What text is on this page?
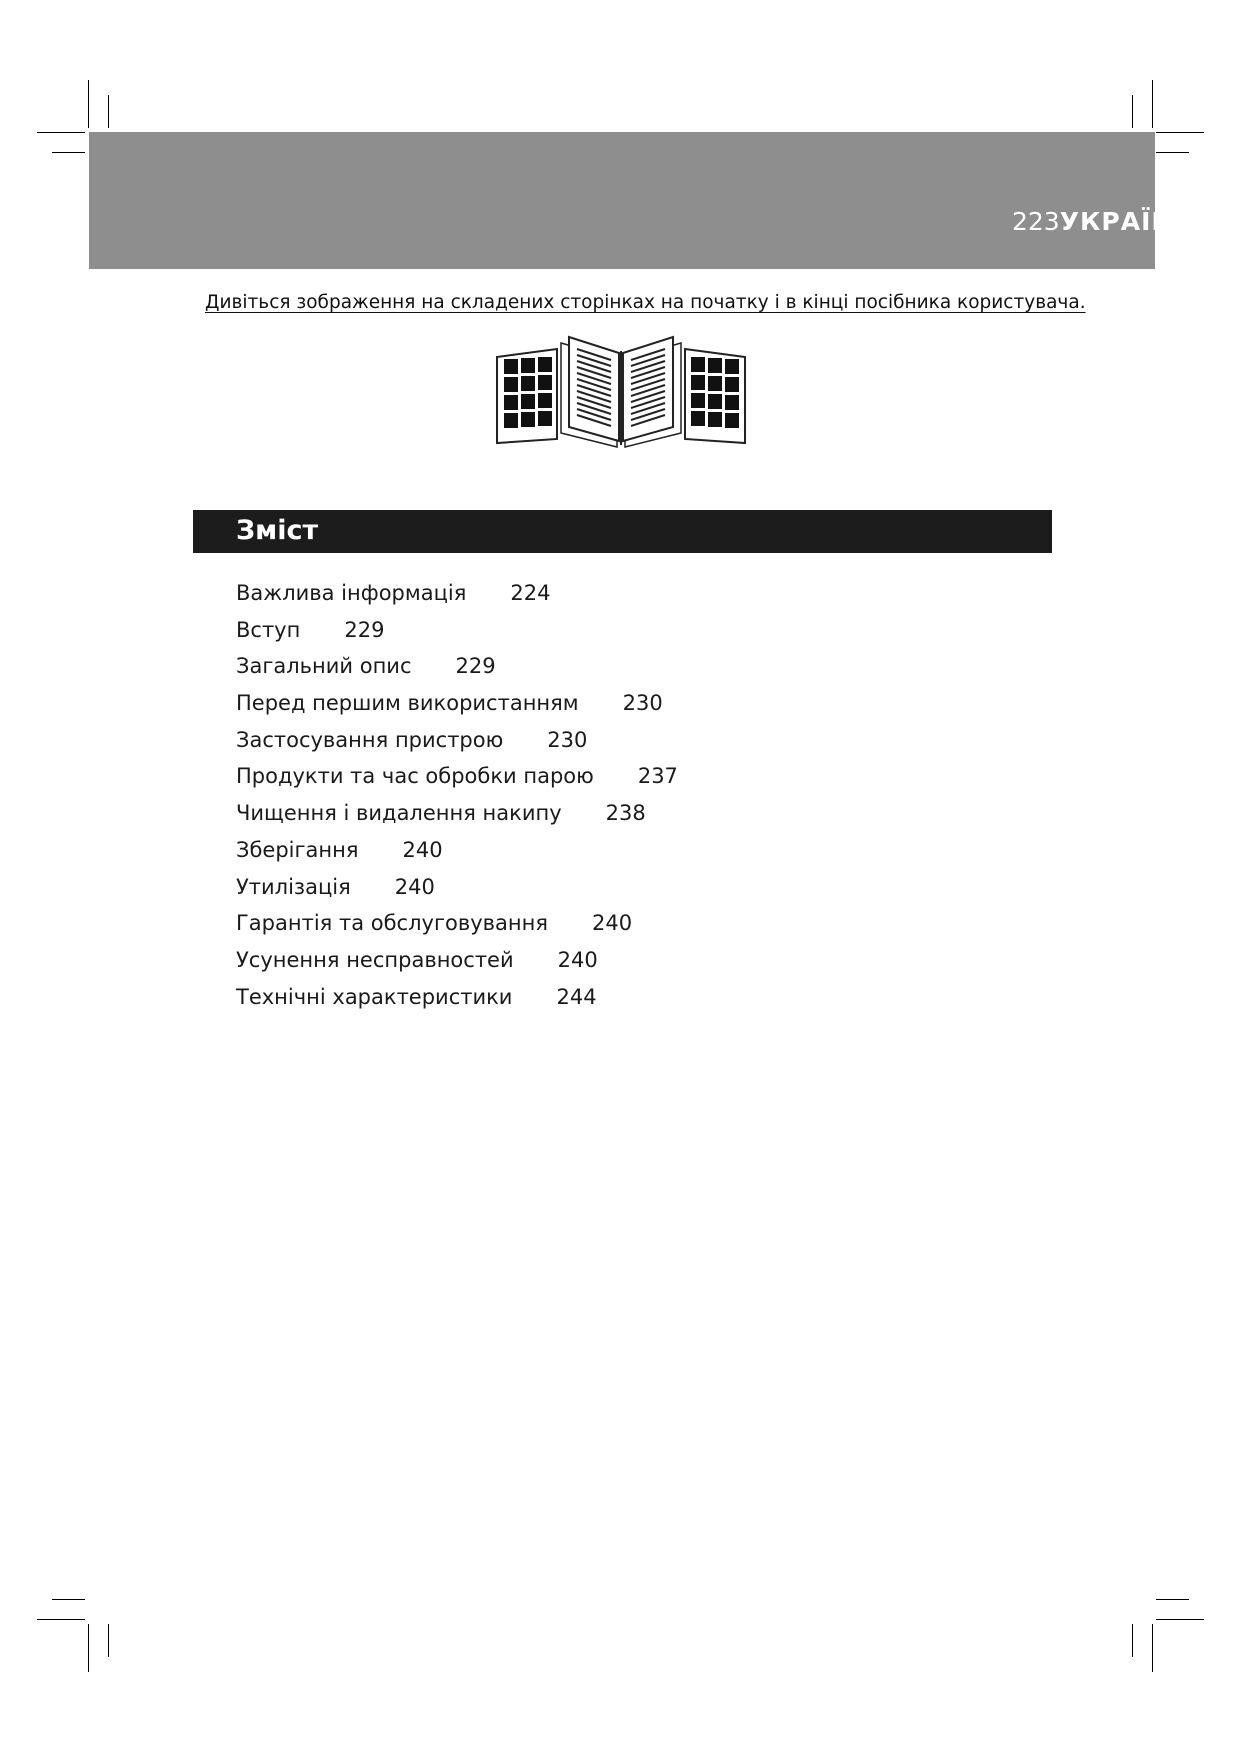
223УКРАЇНСЬКА
Дивіться зображення на складених сторінках на початку і в кінці посібника користувача.
Зміст
Важлива інформація 224
Вступ 229
Загальний опис 229
Перед першим використанням 230
Застосування пристрою 230
Продукти та час обробки парою 237
Чищення і видалення накипу 238
Зберігання 240
Утилізація 240
Гарантія та обслуговування 240
Усунення несправностей 240
Технічні характеристики 244
